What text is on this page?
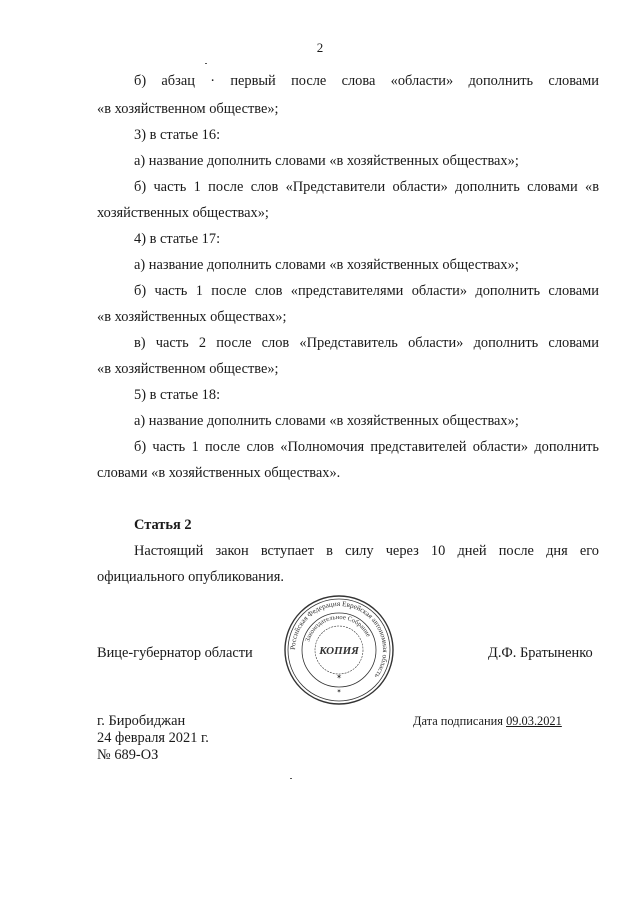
2
б) абзац · первый после слова «области» дополнить словами
«в хозяйственном обществе»;
3) в статье 16:
а) название дополнить словами «в хозяйственных обществах»;
б) часть 1 после слов «Представители области» дополнить словами «в
хозяйственных обществах»;
4) в статье 17:
а) название дополнить словами «в хозяйственных обществах»;
б) часть 1 после слов «представителями области» дополнить словами
«в хозяйственных обществах»;
в) часть 2 после слов «Представитель области» дополнить словами
«в хозяйственном обществе»;
5) в статье 18:
а) название дополнить словами «в хозяйственных обществах»;
б) часть 1 после слов «Полномочия представителей области» дополнить
словами «в хозяйственных обществах».
Статья 2
Настоящий закон вступает в силу через 10 дней после дня его
официального опубликования.
Вице-губернатор области	Д.Ф. Братыненко
Российская Федерация Еврейская автономная область
Законодательное Собрание
КОПИЯ
✶
✶
г. Биробиджан
24 февраля 2021 г.
№ 689-ОЗ
Дата подписания 09.03.2021
